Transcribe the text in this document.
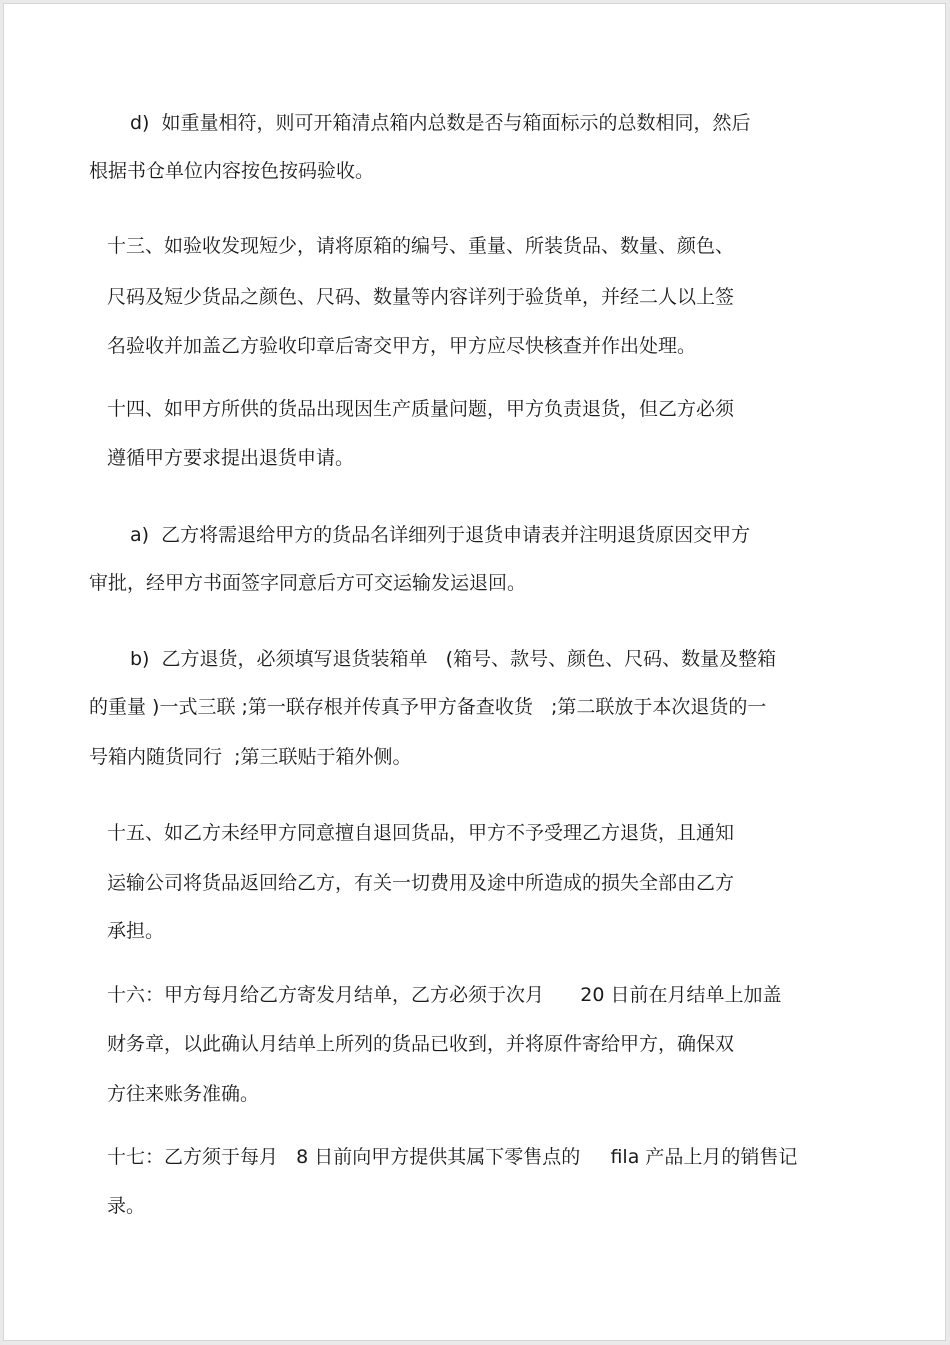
d)  如重量相符，则可开箱清点箱内总数是否与箱面标示的总数相同，然后

根据书仓单位内容按色按码验收。

十三、如验收发现短少，请将原箱的编号、重量、所装货品、数量、颜色、

尺码及短少货品之颜色、尺码、数量等内容详列于验货单，并经二人以上签

名验收并加盖乙方验收印章后寄交甲方，甲方应尽快核查并作出处理。

十四、如甲方所供的货品出现因生产质量问题，甲方负责退货，但乙方必须

遵循甲方要求提出退货申请。

a)  乙方将需退给甲方的货品名详细列于退货申请表并注明退货原因交甲方

审批，经甲方书面签字同意后方可交运输发运退回。

b)  乙方退货，必须填写退货装箱单   (箱号、款号、颜色、尺码、数量及整箱

的重量 )一式三联 ;第一联存根并传真予甲方备查收货   ;第二联放于本次退货的一

号箱内随货同行  ;第三联贴于箱外侧。

十五、如乙方未经甲方同意擅自退回货品，甲方不予受理乙方退货，且通知

运输公司将货品返回给乙方，有关一切费用及途中所造成的损失全部由乙方

承担。

十六：甲方每月给乙方寄发月结单，乙方必须于次月      20 日前在月结单上加盖

财务章，以此确认月结单上所列的货品已收到，并将原件寄给甲方，确保双

方往来账务准确。

十七：乙方须于每月   8 日前向甲方提供其属下零售点的     fila 产品上月的销售记

录。
